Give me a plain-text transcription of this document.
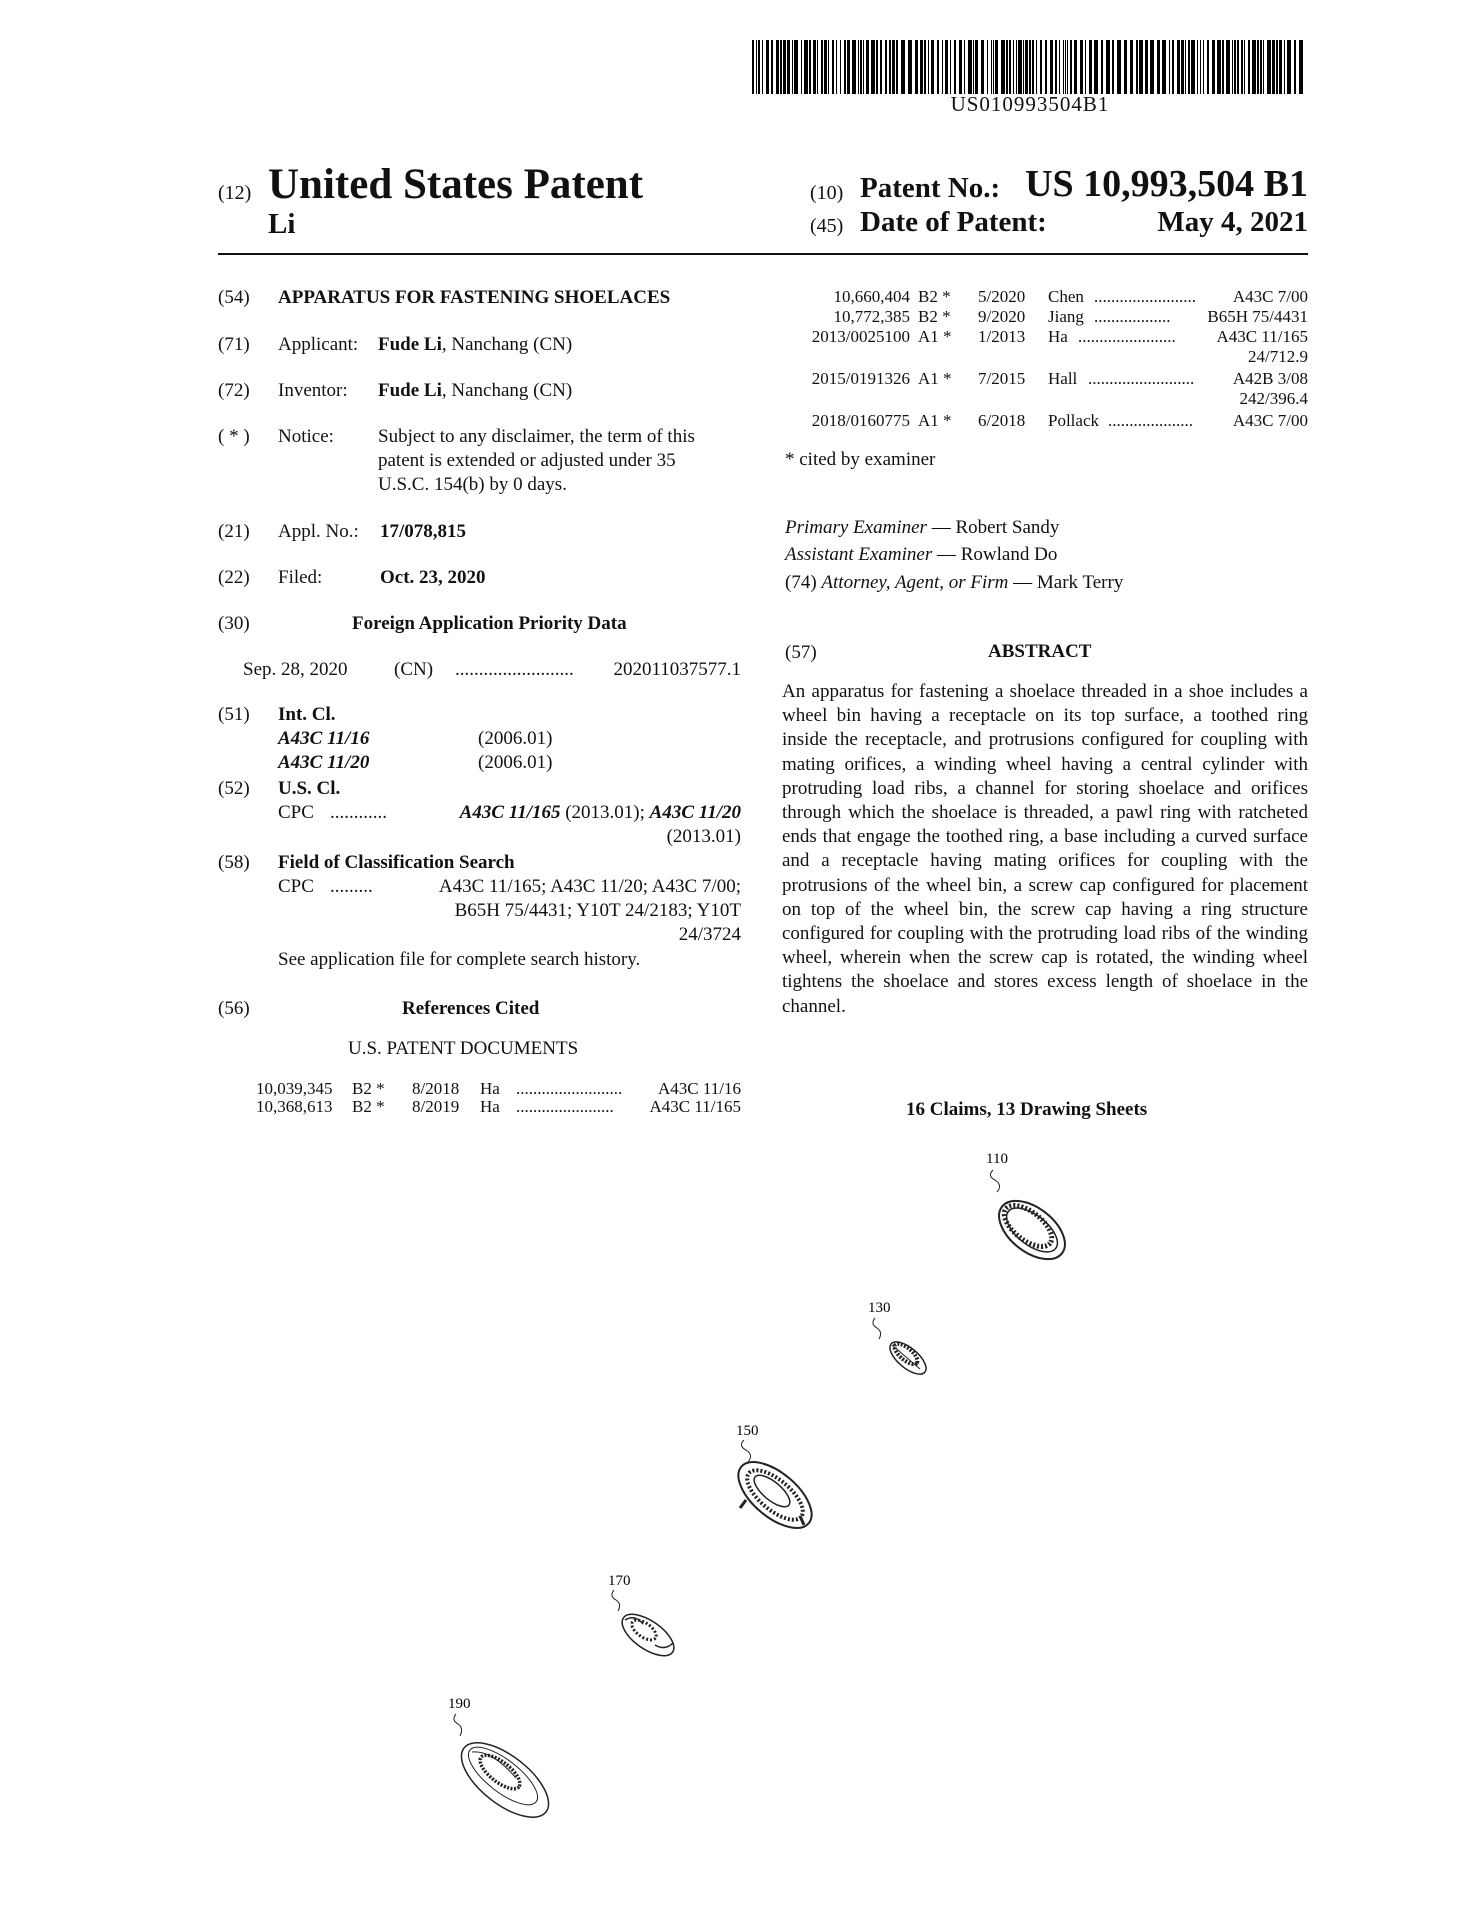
US010993504B1
(12) United States Patent
Li
(10) Patent No.: US 10,993,504 B1
(45) Date of Patent:	May 4, 2021
(54) APPARATUS FOR FASTENING SHOELACES
(71) Applicant: Fude Li, Nanchang (CN)
(72) Inventor: Fude Li, Nanchang (CN)
( * ) Notice: Subject to any disclaimer, the term of this
patent is extended or adjusted under 35
U.S.C. 154(b) by 0 days.
(21) Appl. No.: 17/078,815
(22) Filed:	Oct. 23, 2020
(30)	Foreign Application Priority Data
Sep. 28, 2020 (CN) ......................... 202011037577.1
(51) Int. Cl.
A43C 11/16	(2006.01)
A43C 11/20	(2006.01)
(52) U.S. Cl.
CPC ............	A43C 11/165 (2013.01); A43C 11/20
(2013.01)
(58) Field of Classification Search
CPC .........	A43C 11/165; A43C 11/20; A43C 7/00;
B65H 75/4431; Y10T 24/2183; Y10T
24/3724
See application file for complete search history.
(56)	References Cited
U.S. PATENT DOCUMENTS
10,039,345 B2 * 8/2018 Ha ......................... A43C 11/16
10,368,613 B2 * 8/2019 Ha ....................... A43C 11/165
10,660,404 B2 * 5/2020 Chen ........................ A43C 7/00
10,772,385 B2 * 9/2020 Jiang .................. B65H 75/4431
2013/0025100 A1 * 1/2013 Ha ....................... A43C 11/165
24/712.9
2015/0191326 A1 * 7/2015 Hall ......................... A42B 3/08
242/396.4
2018/0160775 A1 * 6/2018 Pollack .................... A43C 7/00
* cited by examiner
Primary Examiner — Robert Sandy
Assistant Examiner — Rowland Do
(74) Attorney, Agent, or Firm — Mark Terry
(57)	ABSTRACT
An apparatus for fastening a shoelace threaded in a shoe includes a wheel bin having a receptacle on its top surface, a toothed ring inside the receptacle, and protrusions configured for coupling with mating orifices, a winding wheel having a central cylinder with protruding load ribs, a channel for storing shoelace and orifices through which the shoelace is threaded, a pawl ring with ratcheted ends that engage the toothed ring, a base including a curved surface and a receptacle having mating orifices for coupling with the protrusions of the wheel bin, a screw cap configured for placement on top of the wheel bin, the screw cap having a ring structure configured for coupling with the protruding load ribs of the winding wheel, wherein when the screw cap is rotated, the winding wheel tightens the shoelace and stores excess length of shoelace in the channel.
16 Claims, 13 Drawing Sheets
110
130
150
170
190
